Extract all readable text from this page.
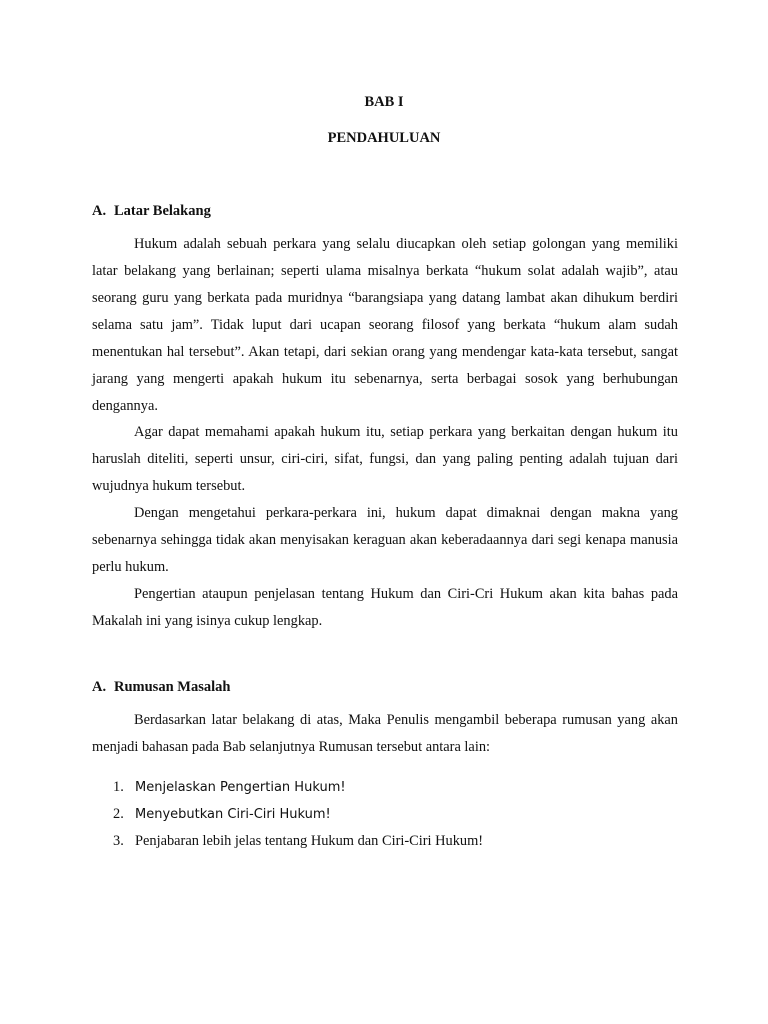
BAB I
PENDAHULUAN
A. Latar Belakang

Hukum adalah sebuah perkara yang selalu diucapkan oleh setiap golongan yang memiliki latar belakang yang berlainan; seperti ulama misalnya berkata “hukum solat adalah wajib”, atau seorang guru yang berkata pada muridnya “barangsiapa yang datang lambat akan dihukum berdiri selama satu jam”. Tidak luput dari ucapan seorang filosof yang berkata “hukum alam sudah menentukan hal tersebut”. Akan tetapi, dari sekian orang yang mendengar kata-kata tersebut, sangat jarang yang mengerti apakah hukum itu sebenarnya, serta berbagai sosok yang berhubungan dengannya.

Agar dapat memahami apakah hukum itu, setiap perkara yang berkaitan dengan hukum itu haruslah diteliti, seperti unsur, ciri-ciri, sifat, fungsi, dan yang paling penting adalah tujuan dari wujudnya hukum tersebut.

Dengan mengetahui perkara-perkara ini, hukum dapat dimaknai dengan makna yang sebenarnya sehingga tidak akan menyisakan keraguan akan keberadaannya dari segi kenapa manusia perlu hukum.

Pengertian ataupun penjelasan tentang Hukum dan Ciri-Cri Hukum akan kita bahas pada Makalah ini yang isinya cukup lengkap.

A. Rumusan Masalah

Berdasarkan latar belakang di atas, Maka Penulis mengambil beberapa rumusan yang akan menjadi bahasan pada Bab selanjutnya Rumusan tersebut antara lain:

1. Menjelaskan Pengertian Hukum!
2. Menyebutkan Ciri-Ciri Hukum!
3. Penjabaran lebih jelas tentang Hukum dan Ciri-Ciri Hukum!
